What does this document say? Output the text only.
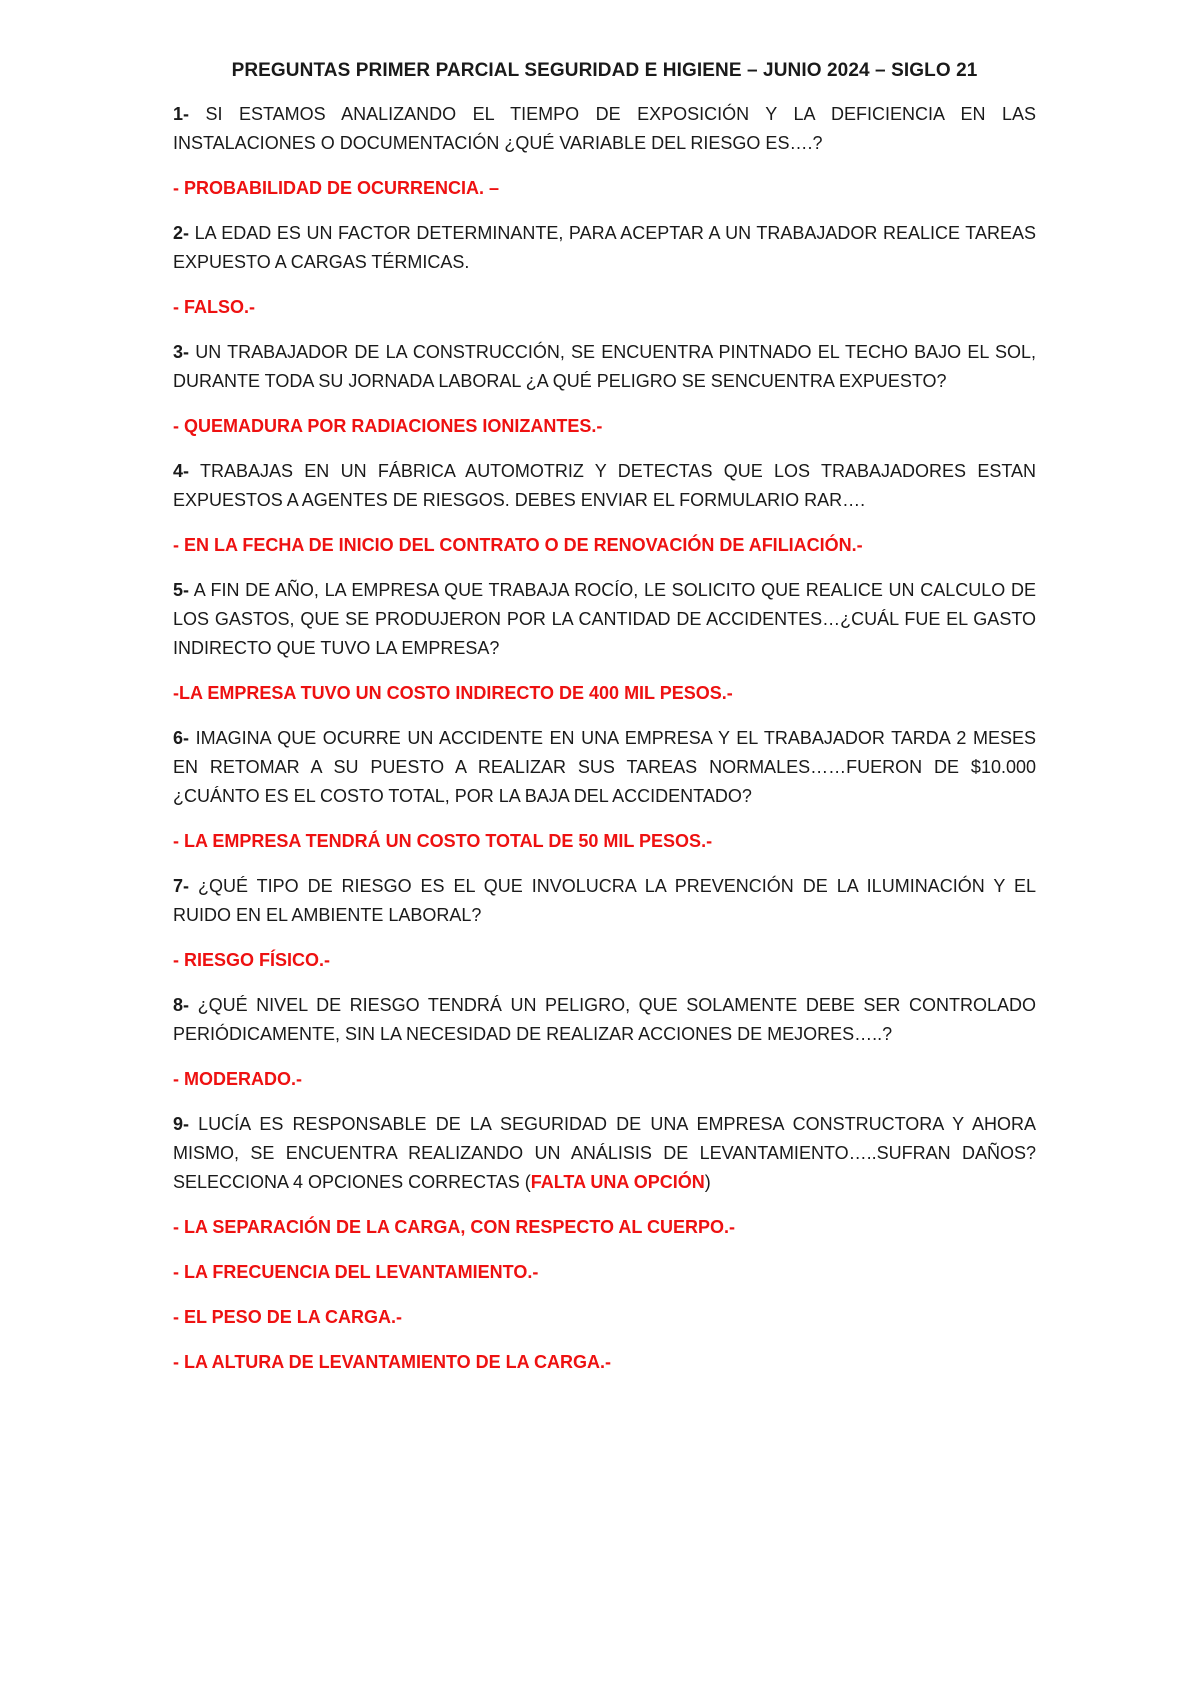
PREGUNTAS PRIMER PARCIAL SEGURIDAD E HIGIENE – JUNIO 2024 – SIGLO 21
1- SI ESTAMOS ANALIZANDO EL TIEMPO DE EXPOSICIÓN Y LA DEFICIENCIA EN LAS INSTALACIONES O DOCUMENTACIÓN ¿QUÉ VARIABLE DEL RIESGO ES….?
- PROBABILIDAD DE OCURRENCIA. –
2- LA EDAD ES UN FACTOR DETERMINANTE, PARA ACEPTAR A UN TRABAJADOR REALICE TAREAS EXPUESTO A CARGAS TÉRMICAS.
- FALSO.-
3- UN TRABAJADOR DE LA CONSTRUCCIÓN, SE ENCUENTRA PINTNADO EL TECHO BAJO EL SOL, DURANTE TODA SU JORNADA LABORAL ¿A QUÉ PELIGRO SE SENCUENTRA EXPUESTO?
- QUEMADURA POR RADIACIONES IONIZANTES.-
4- TRABAJAS EN UN FÁBRICA AUTOMOTRIZ Y DETECTAS QUE LOS TRABAJADORES ESTAN EXPUESTOS A AGENTES DE RIESGOS. DEBES ENVIAR EL FORMULARIO RAR….
- EN LA FECHA DE INICIO DEL CONTRATO O DE RENOVACIÓN DE AFILIACIÓN.-
5- A FIN DE AÑO, LA EMPRESA QUE TRABAJA ROCÍO, LE SOLICITO QUE REALICE UN CALCULO DE LOS GASTOS, QUE SE PRODUJERON POR LA CANTIDAD DE ACCIDENTES…¿CUÁL FUE EL GASTO INDIRECTO QUE TUVO LA EMPRESA?
-LA EMPRESA TUVO UN COSTO INDIRECTO DE 400 MIL PESOS.-
6- IMAGINA QUE OCURRE UN ACCIDENTE EN UNA EMPRESA Y EL TRABAJADOR TARDA 2 MESES EN RETOMAR A SU PUESTO A REALIZAR SUS TAREAS NORMALES……FUERON DE $10.000 ¿CUÁNTO ES EL COSTO TOTAL, POR LA BAJA DEL ACCIDENTADO?
- LA EMPRESA TENDRÁ UN COSTO TOTAL DE 50 MIL PESOS.-
7- ¿QUÉ TIPO DE RIESGO ES EL QUE INVOLUCRA LA PREVENCIÓN DE LA ILUMINACIÓN Y EL RUIDO EN EL AMBIENTE LABORAL?
- RIESGO FÍSICO.-
8- ¿QUÉ NIVEL DE RIESGO TENDRÁ UN PELIGRO, QUE SOLAMENTE DEBE SER CONTROLADO PERIÓDICAMENTE, SIN LA NECESIDAD DE REALIZAR ACCIONES DE MEJORES…..?
- MODERADO.-
9- LUCÍA ES RESPONSABLE DE LA SEGURIDAD DE UNA EMPRESA CONSTRUCTORA Y AHORA MISMO, SE ENCUENTRA REALIZANDO UN ANÁLISIS DE LEVANTAMIENTO…..SUFRAN DAÑOS? SELECCIONA 4 OPCIONES CORRECTAS (FALTA UNA OPCIÓN)
- LA SEPARACIÓN DE LA CARGA, CON RESPECTO AL CUERPO.-
- LA FRECUENCIA DEL LEVANTAMIENTO.-
- EL PESO DE LA CARGA.-
- LA ALTURA DE LEVANTAMIENTO DE LA CARGA.-
